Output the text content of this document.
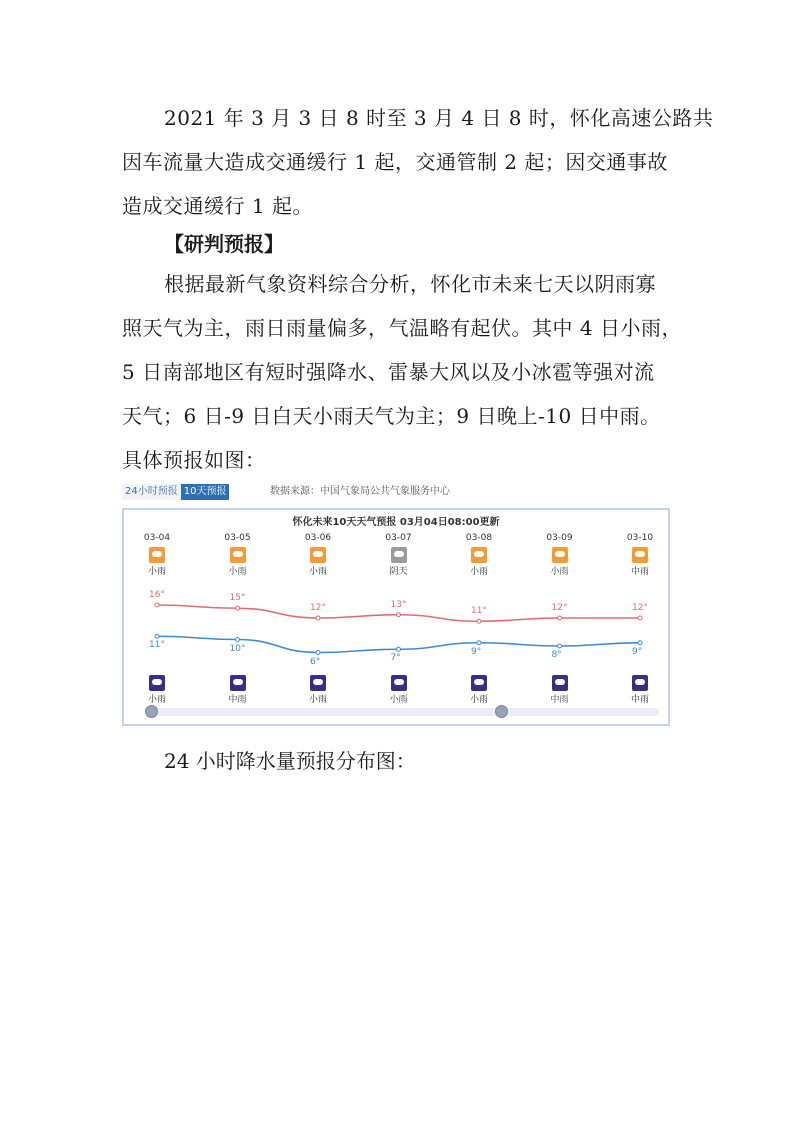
2021 年 3 月 3 日 8 时至 3 月 4 日 8 时，怀化高速公路共
因车流量大造成交通缓行 1 起，交通管制 2 起；因交通事故
造成交通缓行 1 起。
【研判预报】
根据最新气象资料综合分析，怀化市未来七天以阴雨寡
照天气为主，雨日雨量偏多，气温略有起伏。其中 4 日小雨，
5 日南部地区有短时强降水、雷暴大风以及小冰雹等强对流
天气；6 日-9 日白天小雨天气为主；9 日晚上-10 日中雨。
具体预报如图：
24小时预报 10天预报	数据来源：中国气象局公共气象服务中心
怀化未来10天天气预报 03月04日08:00更新
03-04
小雨
小雨
16°
11°
03-05
小雨
中雨
15°
10°
03-06
小雨
小雨
12°
6°
03-07
阴天
小雨
13°
7°
03-08
小雨
小雨
11°
9°
03-09
小雨
中雨
12°
8°
03-10
中雨
中雨
12°
9°
24 小时降水量预报分布图：
